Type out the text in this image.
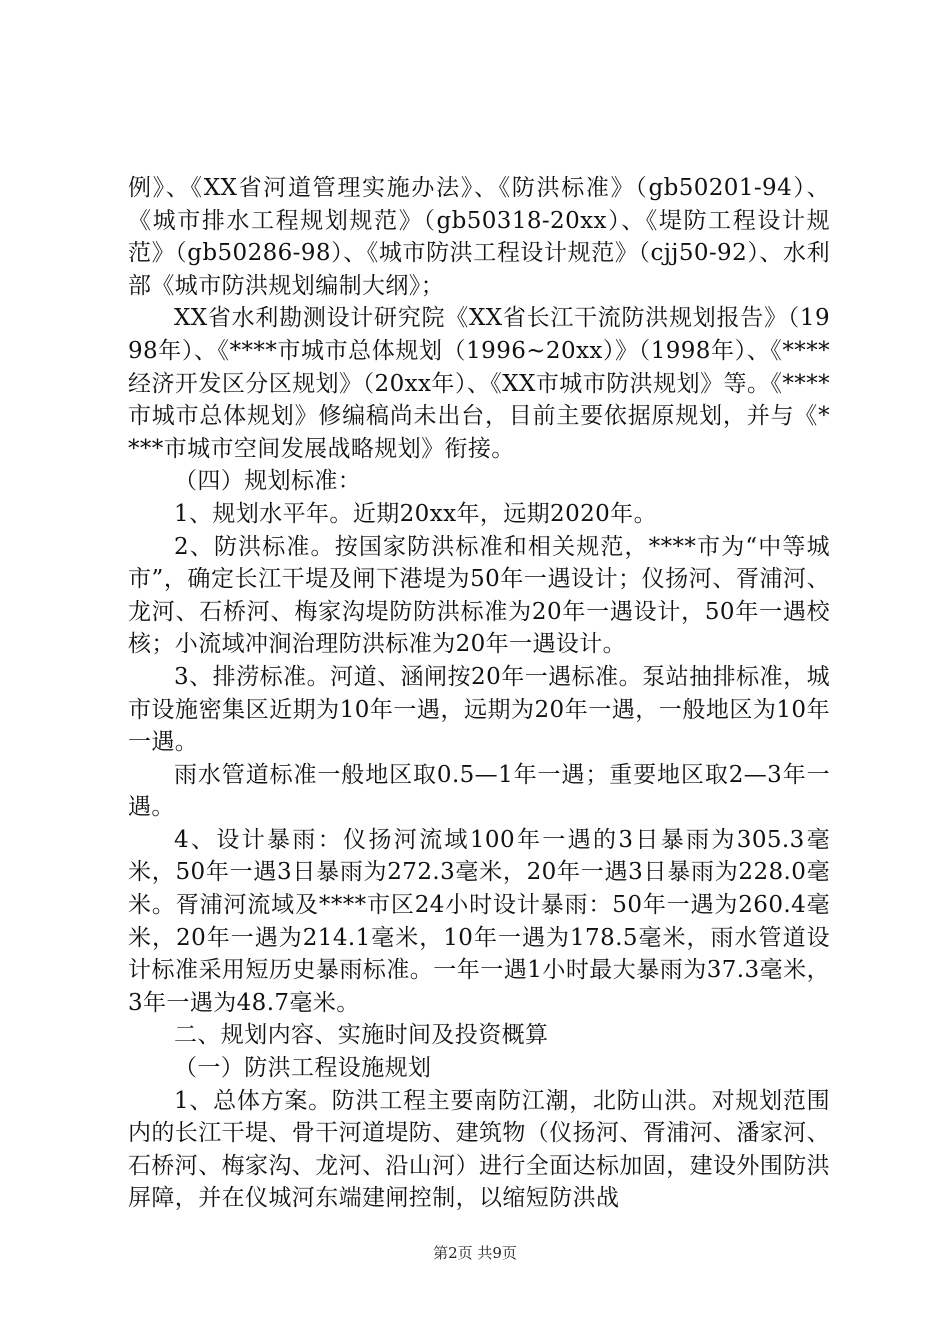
例》、《XX省河道管理实施办法》、《防洪标准》（gb50201-94）、《城市排水工程规划规范》（gb50318-20xx）、《堤防工程设计规范》（gb50286-98）、《城市防洪工程设计规范》（cjj50-92）、水利部《城市防洪规划编制大纲》；

XX省水利勘测设计研究院《XX省长江干流防洪规划报告》（1998年）、《****市城市总体规划（1996~20xx）》（1998年）、《****经济开发区分区规划》（20xx年）、《XX市城市防洪规划》等。《****市城市总体规划》修编稿尚未出台，目前主要依据原规划，并与《****市城市空间发展战略规划》衔接。

（四）规划标准：

1、规划水平年。近期20xx年，远期2020年。

2、防洪标准。按国家防洪标准和相关规范，****市为“中等城市”，确定长江干堤及闸下港堤为50年一遇设计；仪扬河、胥浦河、龙河、石桥河、梅家沟堤防防洪标准为20年一遇设计，50年一遇校核；小流域冲涧治理防洪标准为20年一遇设计。

3、排涝标准。河道、涵闸按20年一遇标准。泵站抽排标准，城市设施密集区近期为10年一遇，远期为20年一遇，一般地区为10年一遇。

雨水管道标准一般地区取0.5—1年一遇；重要地区取2—3年一遇。

4、设计暴雨：仪扬河流域100年一遇的3日暴雨为305.3毫米，50年一遇3日暴雨为272.3毫米，20年一遇3日暴雨为228.0毫米。胥浦河流域及****市区24小时设计暴雨：50年一遇为260.4毫米，20年一遇为214.1毫米，10年一遇为178.5毫米，雨水管道设计标准采用短历史暴雨标准。一年一遇1小时最大暴雨为37.3毫米，3年一遇为48.7毫米。

二、规划内容、实施时间及投资概算

（一）防洪工程设施规划

1、总体方案。防洪工程主要南防江潮，北防山洪。对规划范围内的长江干堤、骨干河道堤防、建筑物（仪扬河、胥浦河、潘家河、石桥河、梅家沟、龙河、沿山河）进行全面达标加固，建设外围防洪屏障，并在仪城河东端建闸控制，以缩短防洪战

第2页 共9页
